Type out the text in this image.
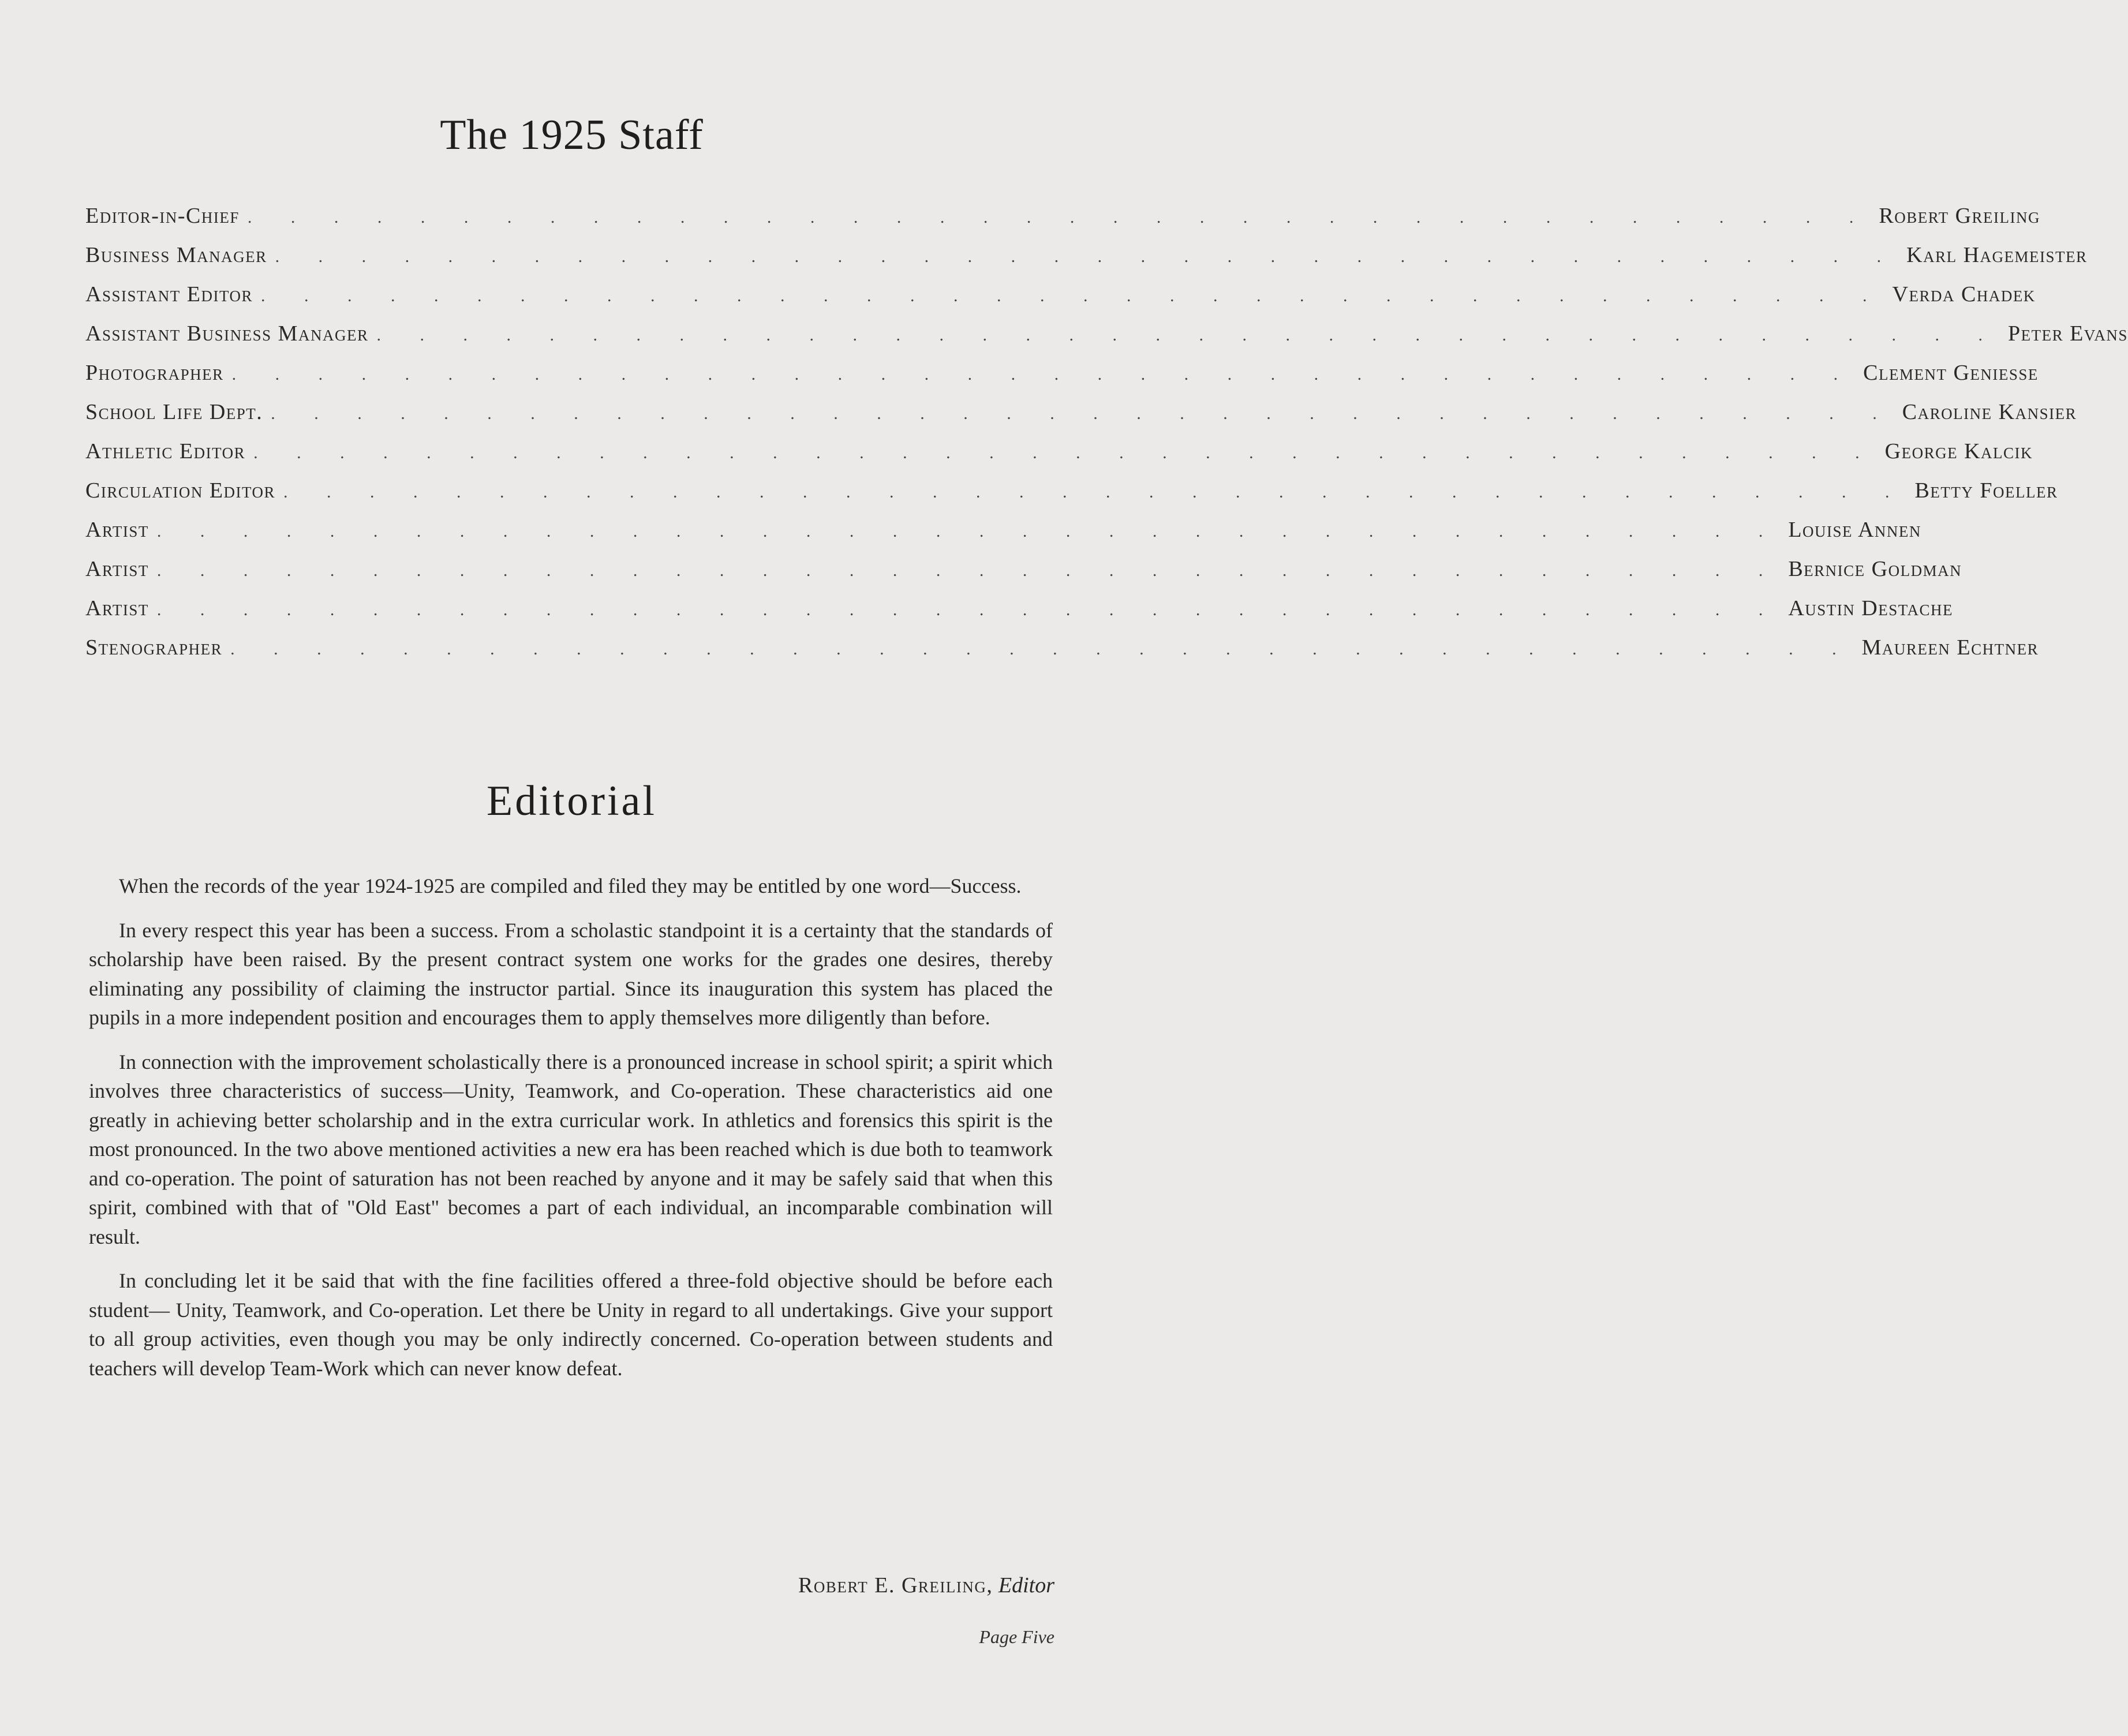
The 1925 Staff
Editor-in-Chief . . . . . . . . . . . . . . . . . . . . . . . . . . . . . . . . . . . . . . Robert Greiling
Business Manager . . . . . . . . . . . . . . . . . . . . . . . . . . . . . . . . . . . . . . Karl Hagemeister
Assistant Editor . . . . . . . . . . . . . . . . . . . . . . . . . . . . . . . . . . . . . . Verda Chadek
Assistant Business Manager . . . . . . . . . . . . . . . . . . . . . . . . . . . . . . . . . . . . . . Peter Evans
Photographer . . . . . . . . . . . . . . . . . . . . . . . . . . . . . . . . . . . . . . Clement Geniesse
School Life Dept. . . . . . . . . . . . . . . . . . . . . . . . . . . . . . . . . . . . . . . Caroline Kansier
Athletic Editor . . . . . . . . . . . . . . . . . . . . . . . . . . . . . . . . . . . . . . George Kalcik
Circulation Editor . . . . . . . . . . . . . . . . . . . . . . . . . . . . . . . . . . . . . . Betty Foeller
Artist . . . . . . . . . . . . . . . . . . . . . . . . . . . . . . . . . . . . . . Louise Annen
Artist . . . . . . . . . . . . . . . . . . . . . . . . . . . . . . . . . . . . . . Bernice Goldman
Artist . . . . . . . . . . . . . . . . . . . . . . . . . . . . . . . . . . . . . . Austin Destache
Stenographer . . . . . . . . . . . . . . . . . . . . . . . . . . . . . . . . . . . . . . Maureen Echtner
Editorial

When the records of the year 1924-1925 are compiled and filed they may be entitled by one word—Success.

In every respect this year has been a success. From a scholastic standpoint it is a certainty that the standards of scholarship have been raised. By the present contract system one works for the grades one desires, thereby eliminating any possibility of claiming the instructor partial. Since its inauguration this system has placed the pupils in a more independent position and encourages them to apply themselves more diligently than before.

In connection with the improvement scholastically there is a pronounced increase in school spirit; a spirit which involves three characteristics of success—Unity, Teamwork, and Co-operation. These characteristics aid one greatly in achieving better scholarship and in the extra curricular work. In athletics and forensics this spirit is the most pronounced. In the two above mentioned activities a new era has been reached which is due both to teamwork and co-operation. The point of saturation has not been reached by anyone and it may be safely said that when this spirit, combined with that of "Old East" becomes a part of each individual, an incomparable combination will result.

In concluding let it be said that with the fine facilities offered a three-fold objective should be before each student— Unity, Teamwork, and Co-operation. Let there be Unity in regard to all undertakings. Give your support to all group activities, even though you may be only indirectly concerned. Co-operation between students and teachers will develop Team-Work which can never know defeat.

Robert E. Greiling, Editor
Page Five
